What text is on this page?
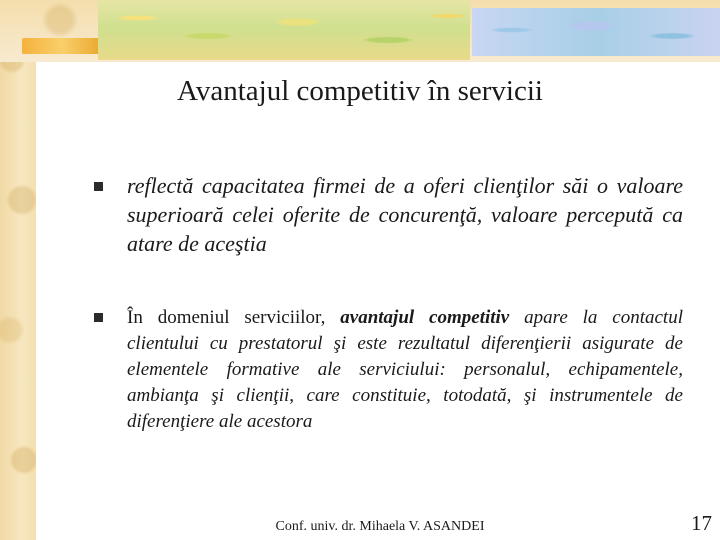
Avantajul competitiv în servicii
reflectă capacitatea firmei de a oferi clienţilor săi o valoare superioară celei oferite de concurenţă, valoare percepută ca atare de aceştia
În domeniul serviciilor, avantajul competitiv apare la contactul clientului cu prestatorul şi este rezultatul diferenţierii asigurate de elementele formative ale serviciului: personalul, echipamentele, ambianţa şi clienţii, care constituie, totodată, şi instrumentele de diferenţiere ale acestora
Conf. univ. dr. Mihaela V. ASANDEI	17
